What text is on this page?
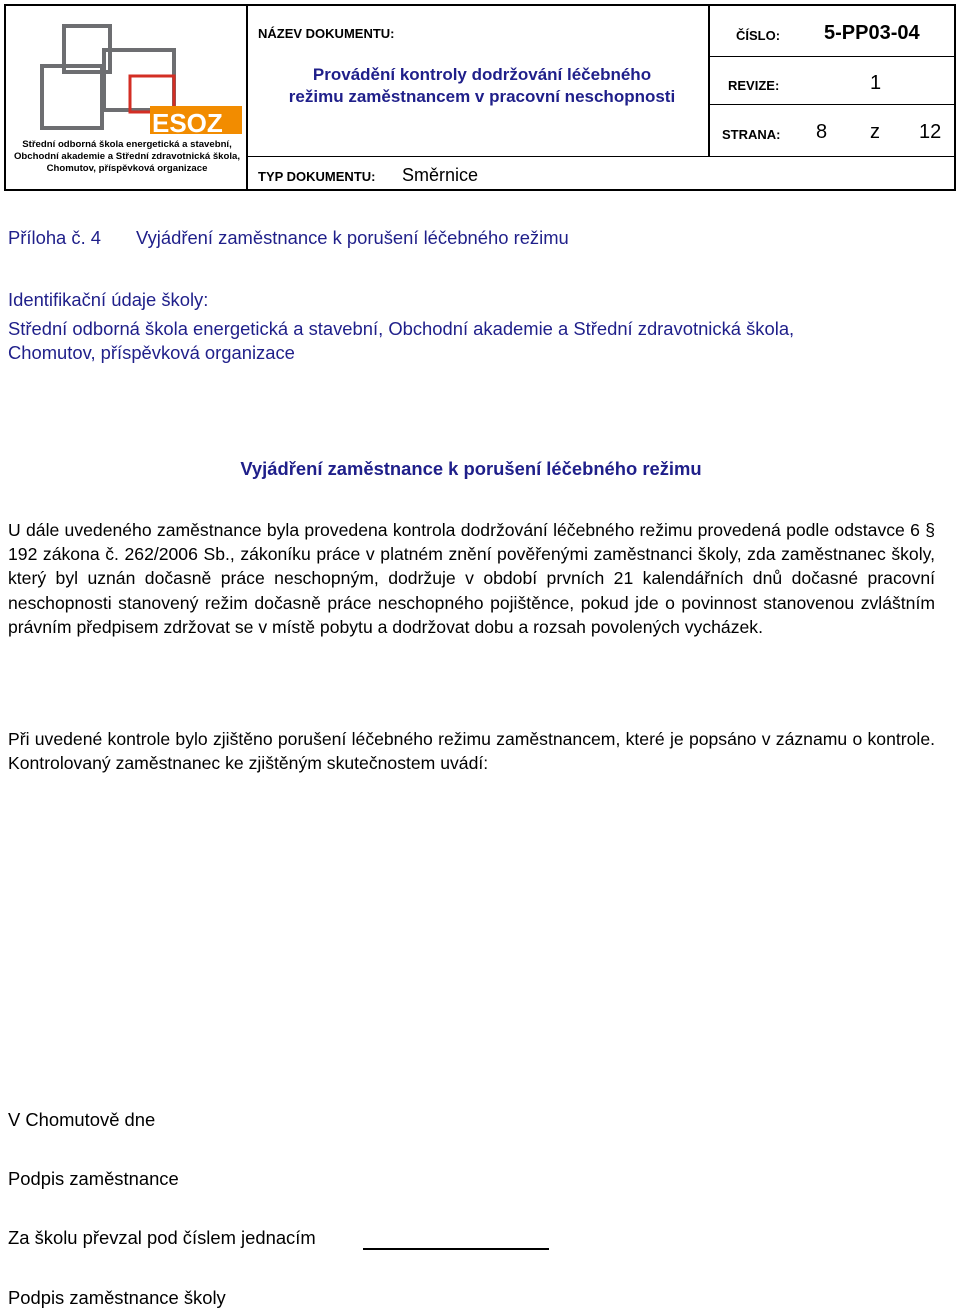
ESOZ
Střední odborná škola energetická a stavební,
Obchodní akademie a Střední zdravotnická škola,
Chomutov, příspěvková organizace
NÁZEV DOKUMENTU:
Provádění kontroly dodržování léčebného
režimu zaměstnancem v pracovní neschopnosti
TYP DOKUMENTU: Směrnice
ČÍSLO: 5-PP03-04
REVIZE:	1
STRANA: 8 z 12
Příloha č. 4 Vyjádření zaměstnance k porušení léčebného režimu
Identifikační údaje školy:
Střední odborná škola energetická a stavební, Obchodní akademie a Střední zdravotnická škola,
Chomutov, příspěvková organizace
Vyjádření zaměstnance k porušení léčebného režimu
U dále uvedeného zaměstnance byla provedena kontrola dodržování léčebného režimu provedená podle odstavce 6 § 192 zákona č. 262/2006 Sb., zákoníku práce v platném znění pověřenými zaměstnanci školy, zda zaměstnanec školy, který byl uznán dočasně práce neschopným, dodržuje v období prvních 21 kalendářních dnů dočasné pracovní neschopnosti stanovený režim dočasně práce neschopného pojištěnce, pokud jde o povinnost stanovenou zvláštním právním předpisem zdržovat se v místě pobytu a dodržovat dobu a rozsah povolených vycházek.
Při uvedené kontrole bylo zjištěno porušení léčebného režimu zaměstnancem, které je popsáno v záznamu o kontrole. Kontrolovaný zaměstnanec ke zjištěným skutečnostem uvádí:
V Chomutově dne
Podpis zaměstnance
Za školu převzal pod číslem jednacím
Podpis zaměstnance školy
